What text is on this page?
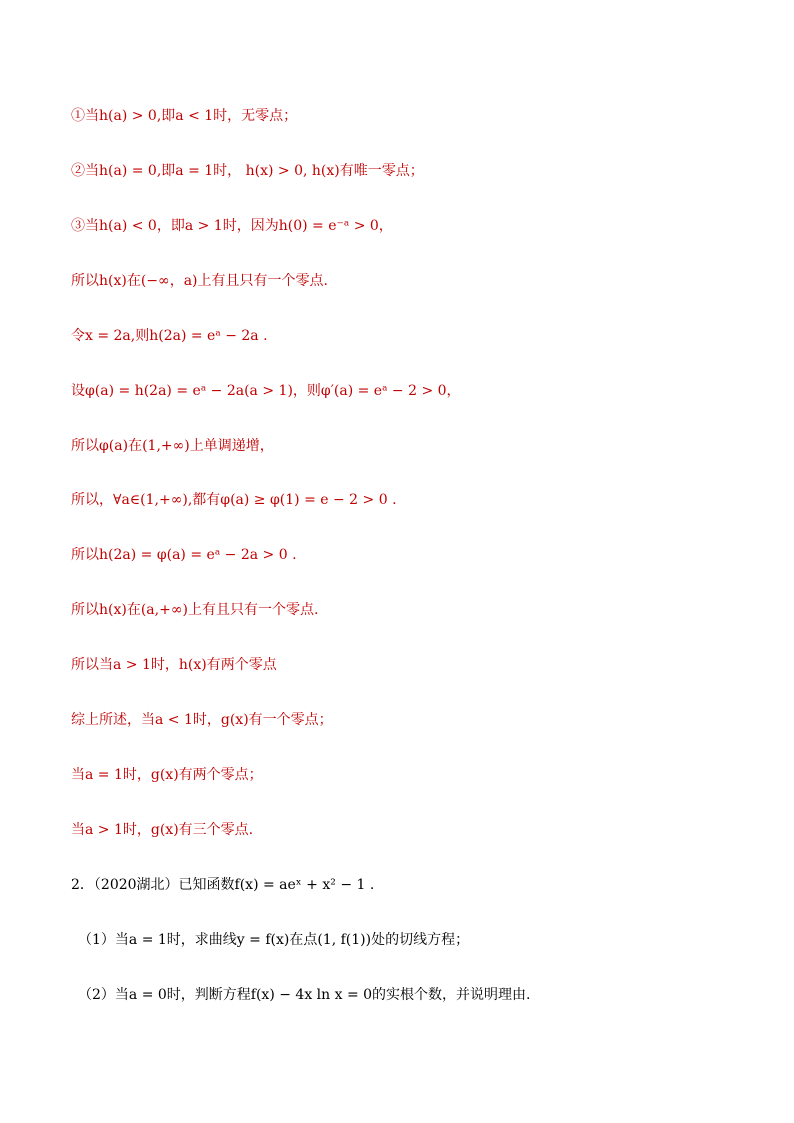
①当h(a) > 0,即a < 1时，无零点；
②当h(a) = 0,即a = 1时， h(x) > 0, h(x)有唯一零点；
③当h(a) < 0，即a > 1时，因为h(0) = e⁻ᵃ > 0，
所以h(x)在(−∞，a)上有且只有一个零点.
令x = 2a,则h(2a) = eᵃ − 2a .
设φ(a) = h(2a) = eᵃ − 2a(a > 1)，则φ′(a) = eᵃ − 2 > 0，
所以φ(a)在(1,+∞)上单调递增，
所以，∀a∈(1,+∞),都有φ(a) ≥ φ(1) = e − 2 > 0 .
所以h(2a) = φ(a) = eᵃ − 2a > 0 .
所以h(x)在(a,+∞)上有且只有一个零点.
所以当a > 1时，h(x)有两个零点
综上所述，当a < 1时，g(x)有一个零点；
当a = 1时，g(x)有两个零点；
当a > 1时，g(x)有三个零点.
2．（2020湖北）已知函数f(x) = aeˣ + x² − 1 .
（1）当a = 1时，求曲线y = f(x)在点(1, f(1))处的切线方程；
（2）当a = 0时，判断方程f(x) − 4x ln x = 0的实根个数，并说明理由.
